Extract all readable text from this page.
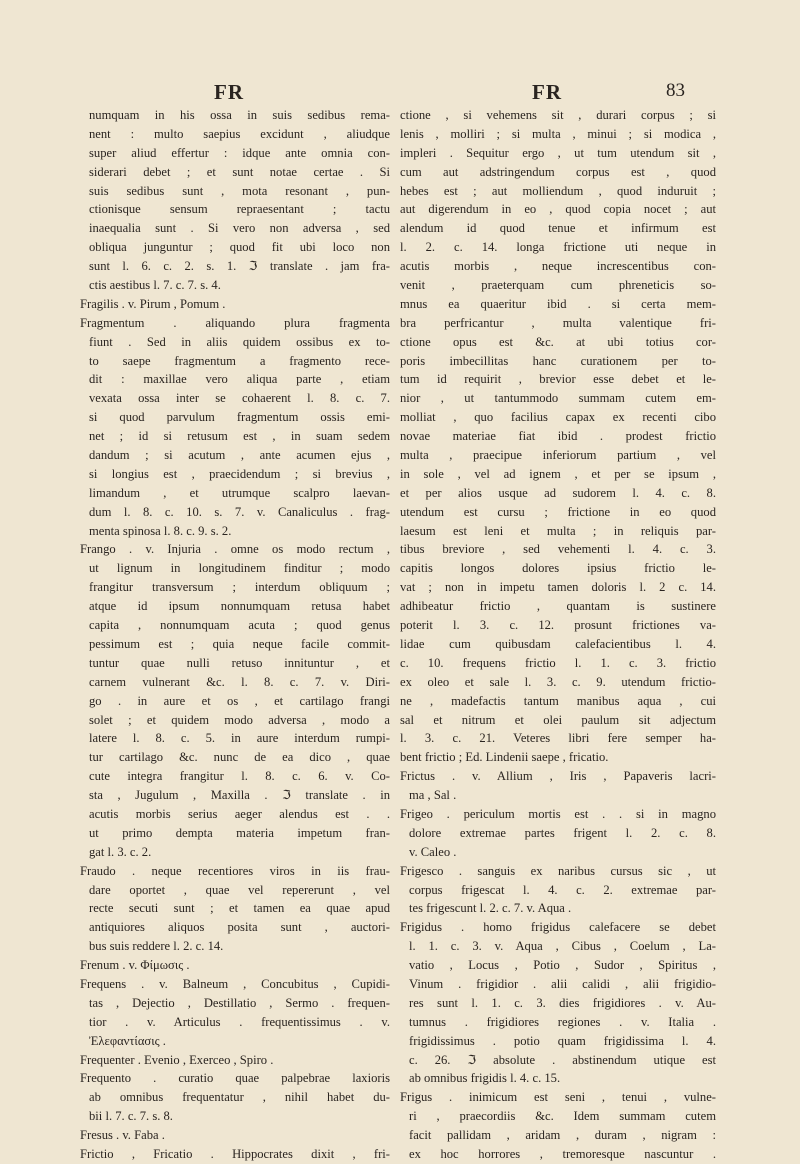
FR	FR	83
numquam in his ossa in suis sedibus rema-
nent : multo saepius excidunt , aliudque
super aliud effertur : idque ante omnia con-
siderari debet ; et sunt notae certae . Si
suis sedibus sunt , mota resonant , pun-
ctionisque sensum repraesentant ; tactu
inaequalia sunt . Si vero non adversa , sed
obliqua junguntur ; quod fit ubi loco non
sunt l. 6. c. 2. s. 1. ℑ translate . jam fra-
ctis aestibus l. 7. c. 7. s. 4.
Fragilis . v. Pirum , Pomum .
Fragmentum . aliquando plura fragmenta
fiunt . Sed in aliis quidem ossibus ex to-
to saepe fragmentum a fragmento rece-
dit : maxillae vero aliqua parte , etiam
vexata ossa inter se cohaerent l. 8. c. 7.
si quod parvulum fragmentum ossis emi-
net ; id si retusum est , in suam sedem
dandum ; si acutum , ante acumen ejus ,
si longius est , praecidendum ; si brevius ,
limandum , et utrumque scalpro laevan-
dum l. 8. c. 10. s. 7. v. Canaliculus . frag-
menta spinosa l. 8. c. 9. s. 2.
Frango . v. Injuria . omne os modo rectum ,
ut lignum in longitudinem finditur ; modo
frangitur transversum ; interdum obliquum ;
atque id ipsum nonnumquam retusa habet
capita , nonnumquam acuta ; quod genus
pessimum est ; quia neque facile commit-
tuntur quae nulli retuso innituntur , et
carnem vulnerant &c. l. 8. c. 7. v. Diri-
go . in aure et os , et cartilago frangi
solet ; et quidem modo adversa , modo a
latere l. 8. c. 5. in aure interdum rumpi-
tur cartilago &c. nunc de ea dico , quae
cute integra frangitur l. 8. c. 6. v. Co-
sta , Jugulum , Maxilla . ℑ translate . in
acutis morbis serius aeger alendus est . .
ut primo dempta materia impetum fran-
gat l. 3. c. 2.
Fraudo . neque recentiores viros in iis frau-
dare oportet , quae vel repererunt , vel
recte secuti sunt ; et tamen ea quae apud
antiquiores aliquos posita sunt , auctori-
bus suis reddere l. 2. c. 14.
Frenum . v. Φίμωσις .
Frequens . v. Balneum , Concubitus , Cupidi-
tas , Dejectio , Destillatio , Sermo . frequen-
tior . v. Articulus . frequentissimus . v.
Ἐλεφαντίασις .
Frequenter . Evenio , Exerceo , Spiro .
Frequento . curatio quae palpebrae laxioris
ab omnibus frequentatur , nihil habet du-
bii l. 7. c. 7. s. 8.
Fresus . v. Faba .
Frictio , Fricatio . Hippocrates dixit , fri-
ctione , si vehemens sit , durari corpus ; si
lenis , molliri ; si multa , minui ; si modica ,
impleri . Sequitur ergo , ut tum utendum sit ,
cum aut adstringendum corpus est , quod
hebes est ; aut molliendum , quod induruit ;
aut digerendum in eo , quod copia nocet ; aut
alendum id quod tenue et infirmum est
l. 2. c. 14. longa frictione uti neque in
acutis morbis , neque increscentibus con-
venit , praeterquam cum phreneticis so-
mnus ea quaeritur ibid . si certa mem-
bra perfricantur , multa valentique fri-
ctione opus est &c. at ubi totius cor-
poris imbecillitas hanc curationem per to-
tum id requirit , brevior esse debet et le-
nior , ut tantummodo summam cutem em-
molliat , quo facilius capax ex recenti cibo
novae materiae fiat ibid . prodest frictio
multa , praecipue inferiorum partium , vel
in sole , vel ad ignem , et per se ipsum ,
et per alios usque ad sudorem l. 4. c. 8.
utendum est cursu ; frictione in eo quod
laesum est leni et multa ; in reliquis par-
tibus breviore , sed vehementi l. 4. c. 3.
capitis longos dolores ipsius frictio le-
vat ; non in impetu tamen doloris l. 2 c. 14.
adhibeatur frictio , quantam is sustinere
poterit l. 3. c. 12. prosunt frictiones va-
lidae cum quibusdam calefacientibus l. 4.
c. 10. frequens frictio l. 1. c. 3. frictio
ex oleo et sale l. 3. c. 9. utendum frictio-
ne , madefactis tantum manibus aqua , cui
sal et nitrum et olei paulum sit adjectum
l. 3. c. 21. Veteres libri fere semper ha-
bent frictio ; Ed. Lindenii saepe , fricatio.
Frictus . v. Allium , Iris , Papaveris lacri-
ma , Sal .
Frigeo . periculum mortis est . . si in magno
dolore extremae partes frigent l. 2. c. 8.
v. Caleo .
Frigesco . sanguis ex naribus cursus sic , ut
corpus frigescat l. 4. c. 2. extremae par-
tes frigescunt l. 2. c. 7. v. Aqua .
Frigidus . homo frigidus calefacere se debet
l. 1. c. 3. v. Aqua , Cibus , Coelum , La-
vatio , Locus , Potio , Sudor , Spiritus ,
Vinum . frigidior . alii calidi , alii frigidio-
res sunt l. 1. c. 3. dies frigidiores . v. Au-
tumnus . frigidiores regiones . v. Italia .
frigidissimus . potio quam frigidissima l. 4.
c. 26. ℑ absolute . abstinendum utique est
ab omnibus frigidis l. 4. c. 15.
Frigus . inimicum est seni , tenui , vulne-
ri , praecordiis &c. Idem summam cutem
facit pallidam , aridam , duram , nigram :
ex hoc horrores , tremoresque nascuntur .
